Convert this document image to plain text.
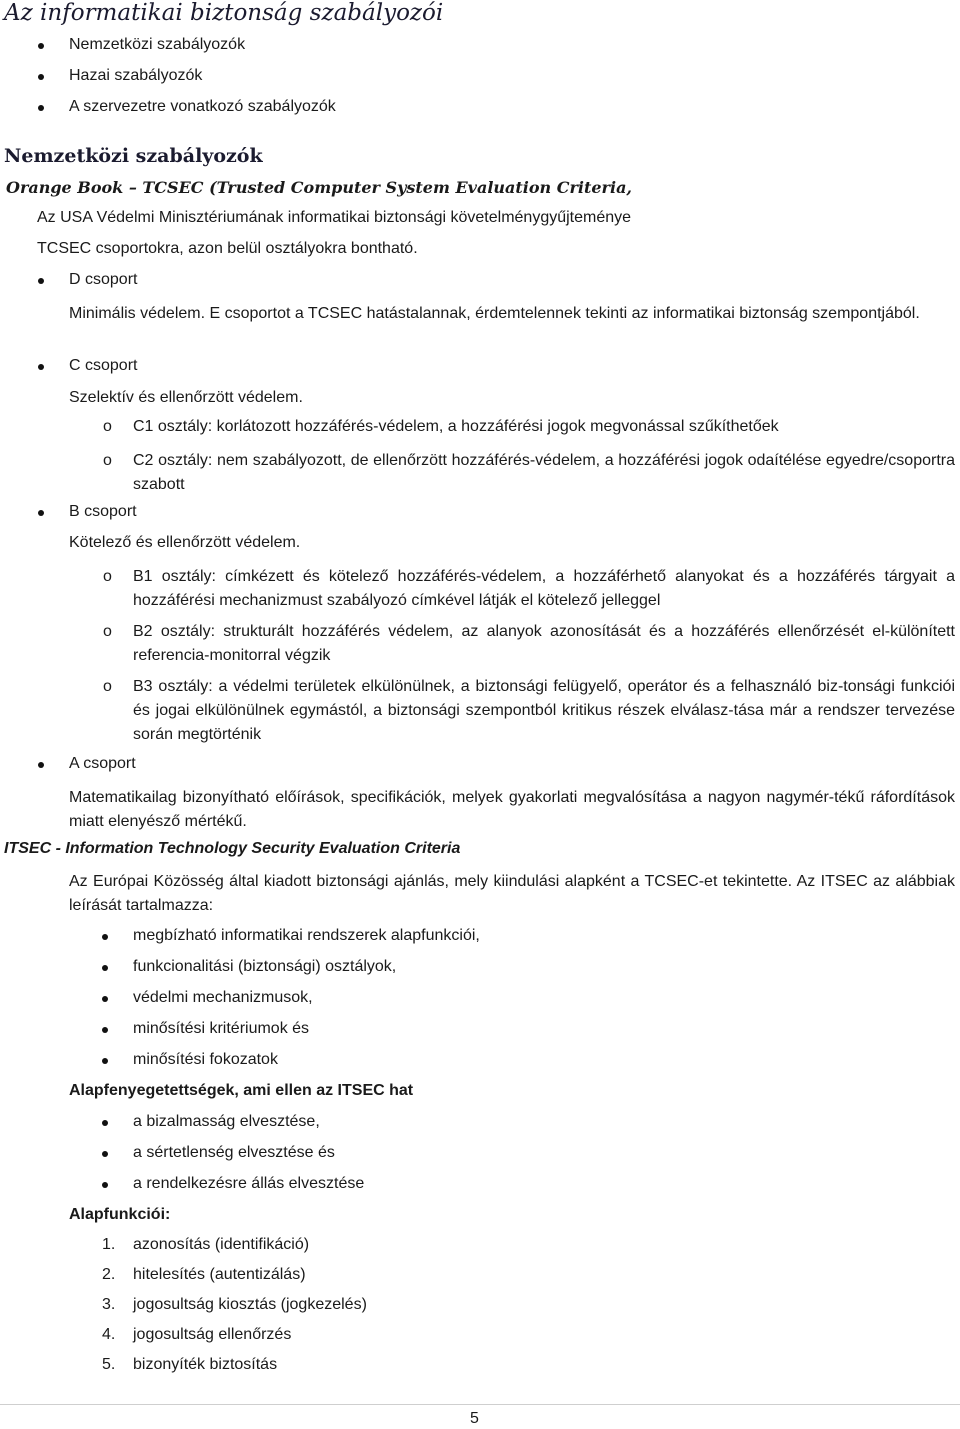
Az informatikai biztonság szabályozói
Nemzetközi szabályozók
Hazai szabályozók
A szervezetre vonatkozó szabályozók
Nemzetközi szabályozók
Orange Book – TCSEC (Trusted Computer System Evaluation Criteria,
Az USA Védelmi Minisztériumának informatikai biztonsági követelménygyűjteménye
TCSEC csoportokra, azon belül osztályokra bontható.
D csoport
Minimális védelem. E csoportot a TCSEC hatástalannak, érdemtelennek tekinti az informatikai biztonság szempontjából.
C csoport
Szelektív és ellenőrzött védelem.
o C1 osztály: korlátozott hozzáférés-védelem, a hozzáférési jogok megvonással szűkíthetőek
o C2 osztály: nem szabályozott, de ellenőrzött hozzáférés-védelem, a hozzáférési jogok odaítélése egyedre/csoportra szabott
B csoport
Kötelező és ellenőrzött védelem.
o B1 osztály: címkézett és kötelező hozzáférés-védelem, a hozzáférhető alanyokat és a hozzáférés tárgyait a hozzáférési mechanizmust szabályozó címkével látják el kötelező jelleggel
o B2 osztály: strukturált hozzáférés védelem, az alanyok azonosítását és a hozzáférés ellenőrzését el-különített referencia-monitorral végzik
o B3 osztály: a védelmi területek elkülönülnek, a biztonsági felügyelő, operátor és a felhasználó biz-tonsági funkciói és jogai elkülönülnek egymástól, a biztonsági szempontból kritikus részek elválasz-tása már a rendszer tervezése során megtörténik
A csoport
Matematikailag bizonyítható előírások, specifikációk, melyek gyakorlati megvalósítása a nagyon nagymér-tékű ráfordítások miatt elenyésző mértékű.
ITSEC - Information Technology Security Evaluation Criteria
Az Európai Közösség által kiadott biztonsági ajánlás, mely kiindulási alapként a TCSEC-et tekintette. Az ITSEC az alábbiak leírását tartalmazza:
megbízható informatikai rendszerek alapfunkciói,
funkcionalitási (biztonsági) osztályok,
védelmi mechanizmusok,
minősítési kritériumok és
minősítési fokozatok
Alapfenyegetettségek, ami ellen az ITSEC hat
a bizalmasság elvesztése,
a sértetlenség elvesztése és
a rendelkezésre állás elvesztése
Alapfunkciói:
1. azonosítás (identifikáció)
2. hitelesítés (autentizálás)
3. jogosultság kiosztás (jogkezelés)
4. jogosultság ellenőrzés
5. bizonyíték biztosítás
5
